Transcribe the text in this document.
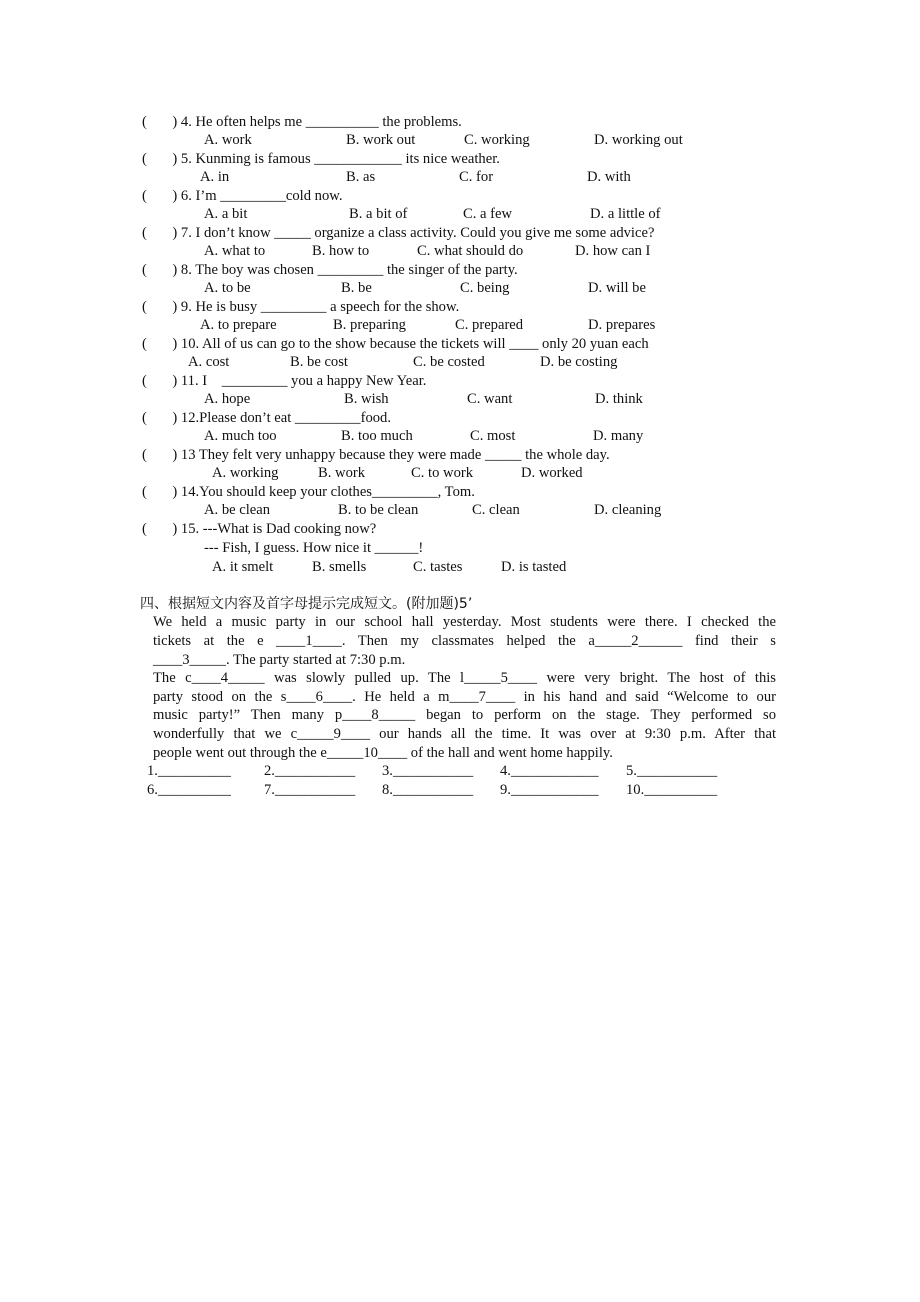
(       ) 4. He often helps me __________ the problems.
A. work	B. work out	C. working	D. working out
(       ) 5. Kunming is famous ____________ its nice weather.
A. in	B. as	C. for	D. with
(       ) 6. I’m _________cold now.
A. a bit	B. a bit of	C. a few	D. a little of
(       ) 7. I don’t know _____ organize a class activity. Could you give me some advice?
A. what to	B. how to	C. what should do	D. how can I
(       ) 8. The boy was chosen _________ the singer of the party.
A. to be	B. be	C. being	D. will be
(       ) 9. He is busy _________ a speech for the show.
A. to prepare	B. preparing	C. prepared	D. prepares
(       ) 10. All of us can go to the show because the tickets will ____ only 20 yuan each
A. cost	B. be cost	C. be costed	D. be costing
(       ) 11. I    _________ you a happy New Year.
A. hope	B. wish	C. want	D. think
(       ) 12.Please don’t eat _________food.
A. much too	B. too much	C. most	D. many
(       ) 13 They felt very unhappy because they were made _____ the whole day.
A. working	B. work	C. to work	D. worked
(       ) 14.You should keep your clothes_________, Tom.
A. be clean	B. to be clean	C. clean	D. cleaning
(       ) 15. ---What is Dad cooking now?
--- Fish, I guess. How nice it ______!
A. it smelt	B. smells	C. tastes	D. is tasted
四、根据短文内容及首字母提示完成短文。(附加题)5’
We held a music party in our school hall yesterday. Most students were there. I checked the
tickets at the e ____1____. Then my classmates helped the a_____2______ find their s
____3_____. The party started at 7:30 p.m.
The c____4_____ was slowly pulled up. The l_____5____ were very bright. The host of this
party stood on the s____6____. He held a m____7____ in his hand and said “Welcome to our
music party!” Then many p____8_____ began to perform on the stage. They performed so
wonderfully that we c_____9____ our hands all the time. It was over at 9:30 p.m. After that
people went out through the e_____10____ of the hall and went home happily.
1.__________ 2.___________ 3.___________ 4.____________ 5.___________
6.__________ 7.___________ 8.___________ 9.____________ 10.__________
